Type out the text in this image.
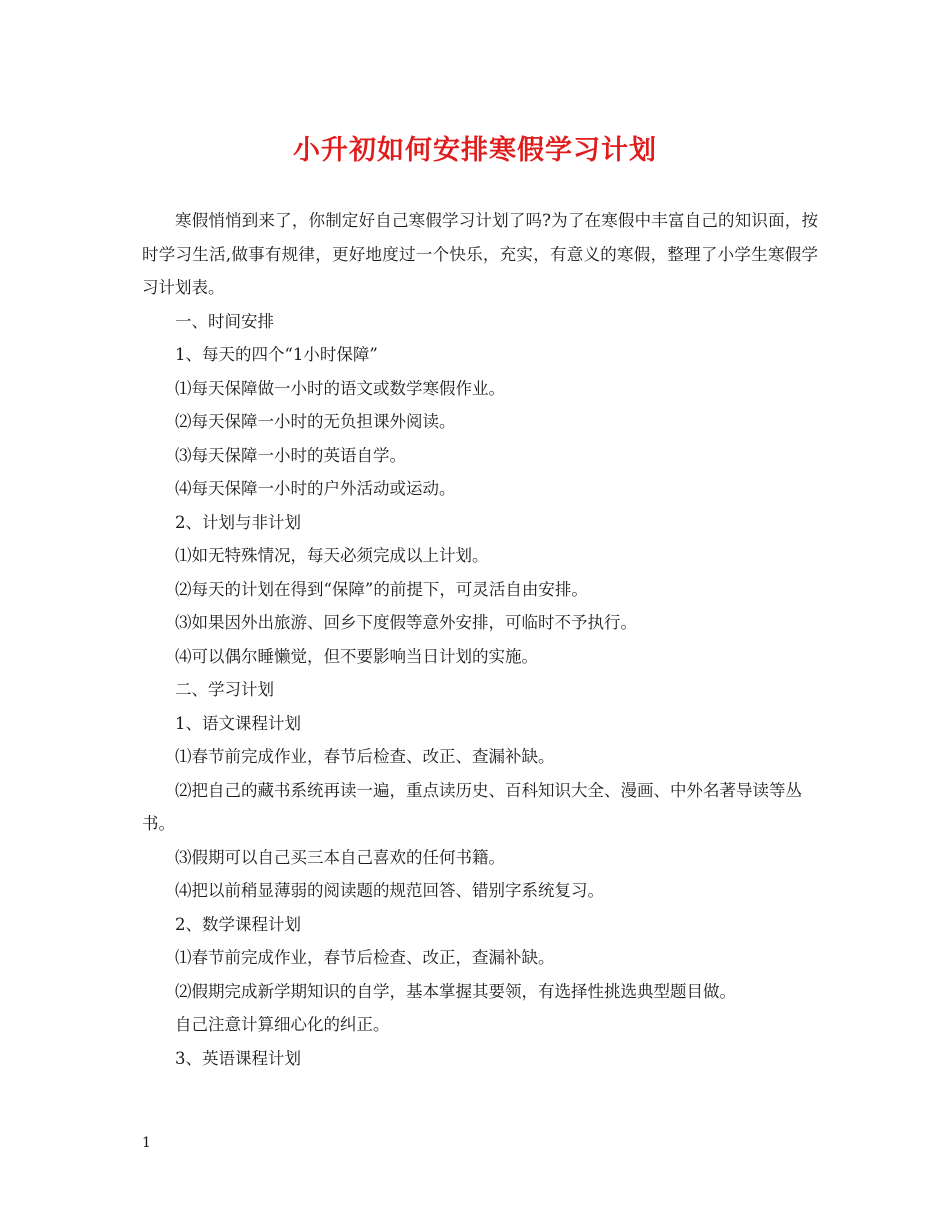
小升初如何安排寒假学习计划

寒假悄悄到来了，你制定好自己寒假学习计划了吗?为了在寒假中丰富自己的知识面，按时学习生活,做事有规律，更好地度过一个快乐，充实，有意义的寒假，整理了小学生寒假学习计划表。

一、时间安排

1、每天的四个“1小时保障”

⑴每天保障做一小时的语文或数学寒假作业。

⑵每天保障一小时的无负担课外阅读。

⑶每天保障一小时的英语自学。

⑷每天保障一小时的户外活动或运动。

2、计划与非计划

⑴如无特殊情况，每天必须完成以上计划。

⑵每天的计划在得到“保障”的前提下，可灵活自由安排。

⑶如果因外出旅游、回乡下度假等意外安排，可临时不予执行。

⑷可以偶尔睡懒觉，但不要影响当日计划的实施。

二、学习计划

1、语文课程计划

⑴春节前完成作业，春节后检查、改正、查漏补缺。

⑵把自己的藏书系统再读一遍，重点读历史、百科知识大全、漫画、中外名著导读等丛书。

⑶假期可以自己买三本自己喜欢的任何书籍。

⑷把以前稍显薄弱的阅读题的规范回答、错别字系统复习。

2、数学课程计划

⑴春节前完成作业，春节后检查、改正，查漏补缺。

⑵假期完成新学期知识的自学，基本掌握其要领，有选择性挑选典型题目做。

自己注意计算细心化的纠正。

3、英语课程计划

1
